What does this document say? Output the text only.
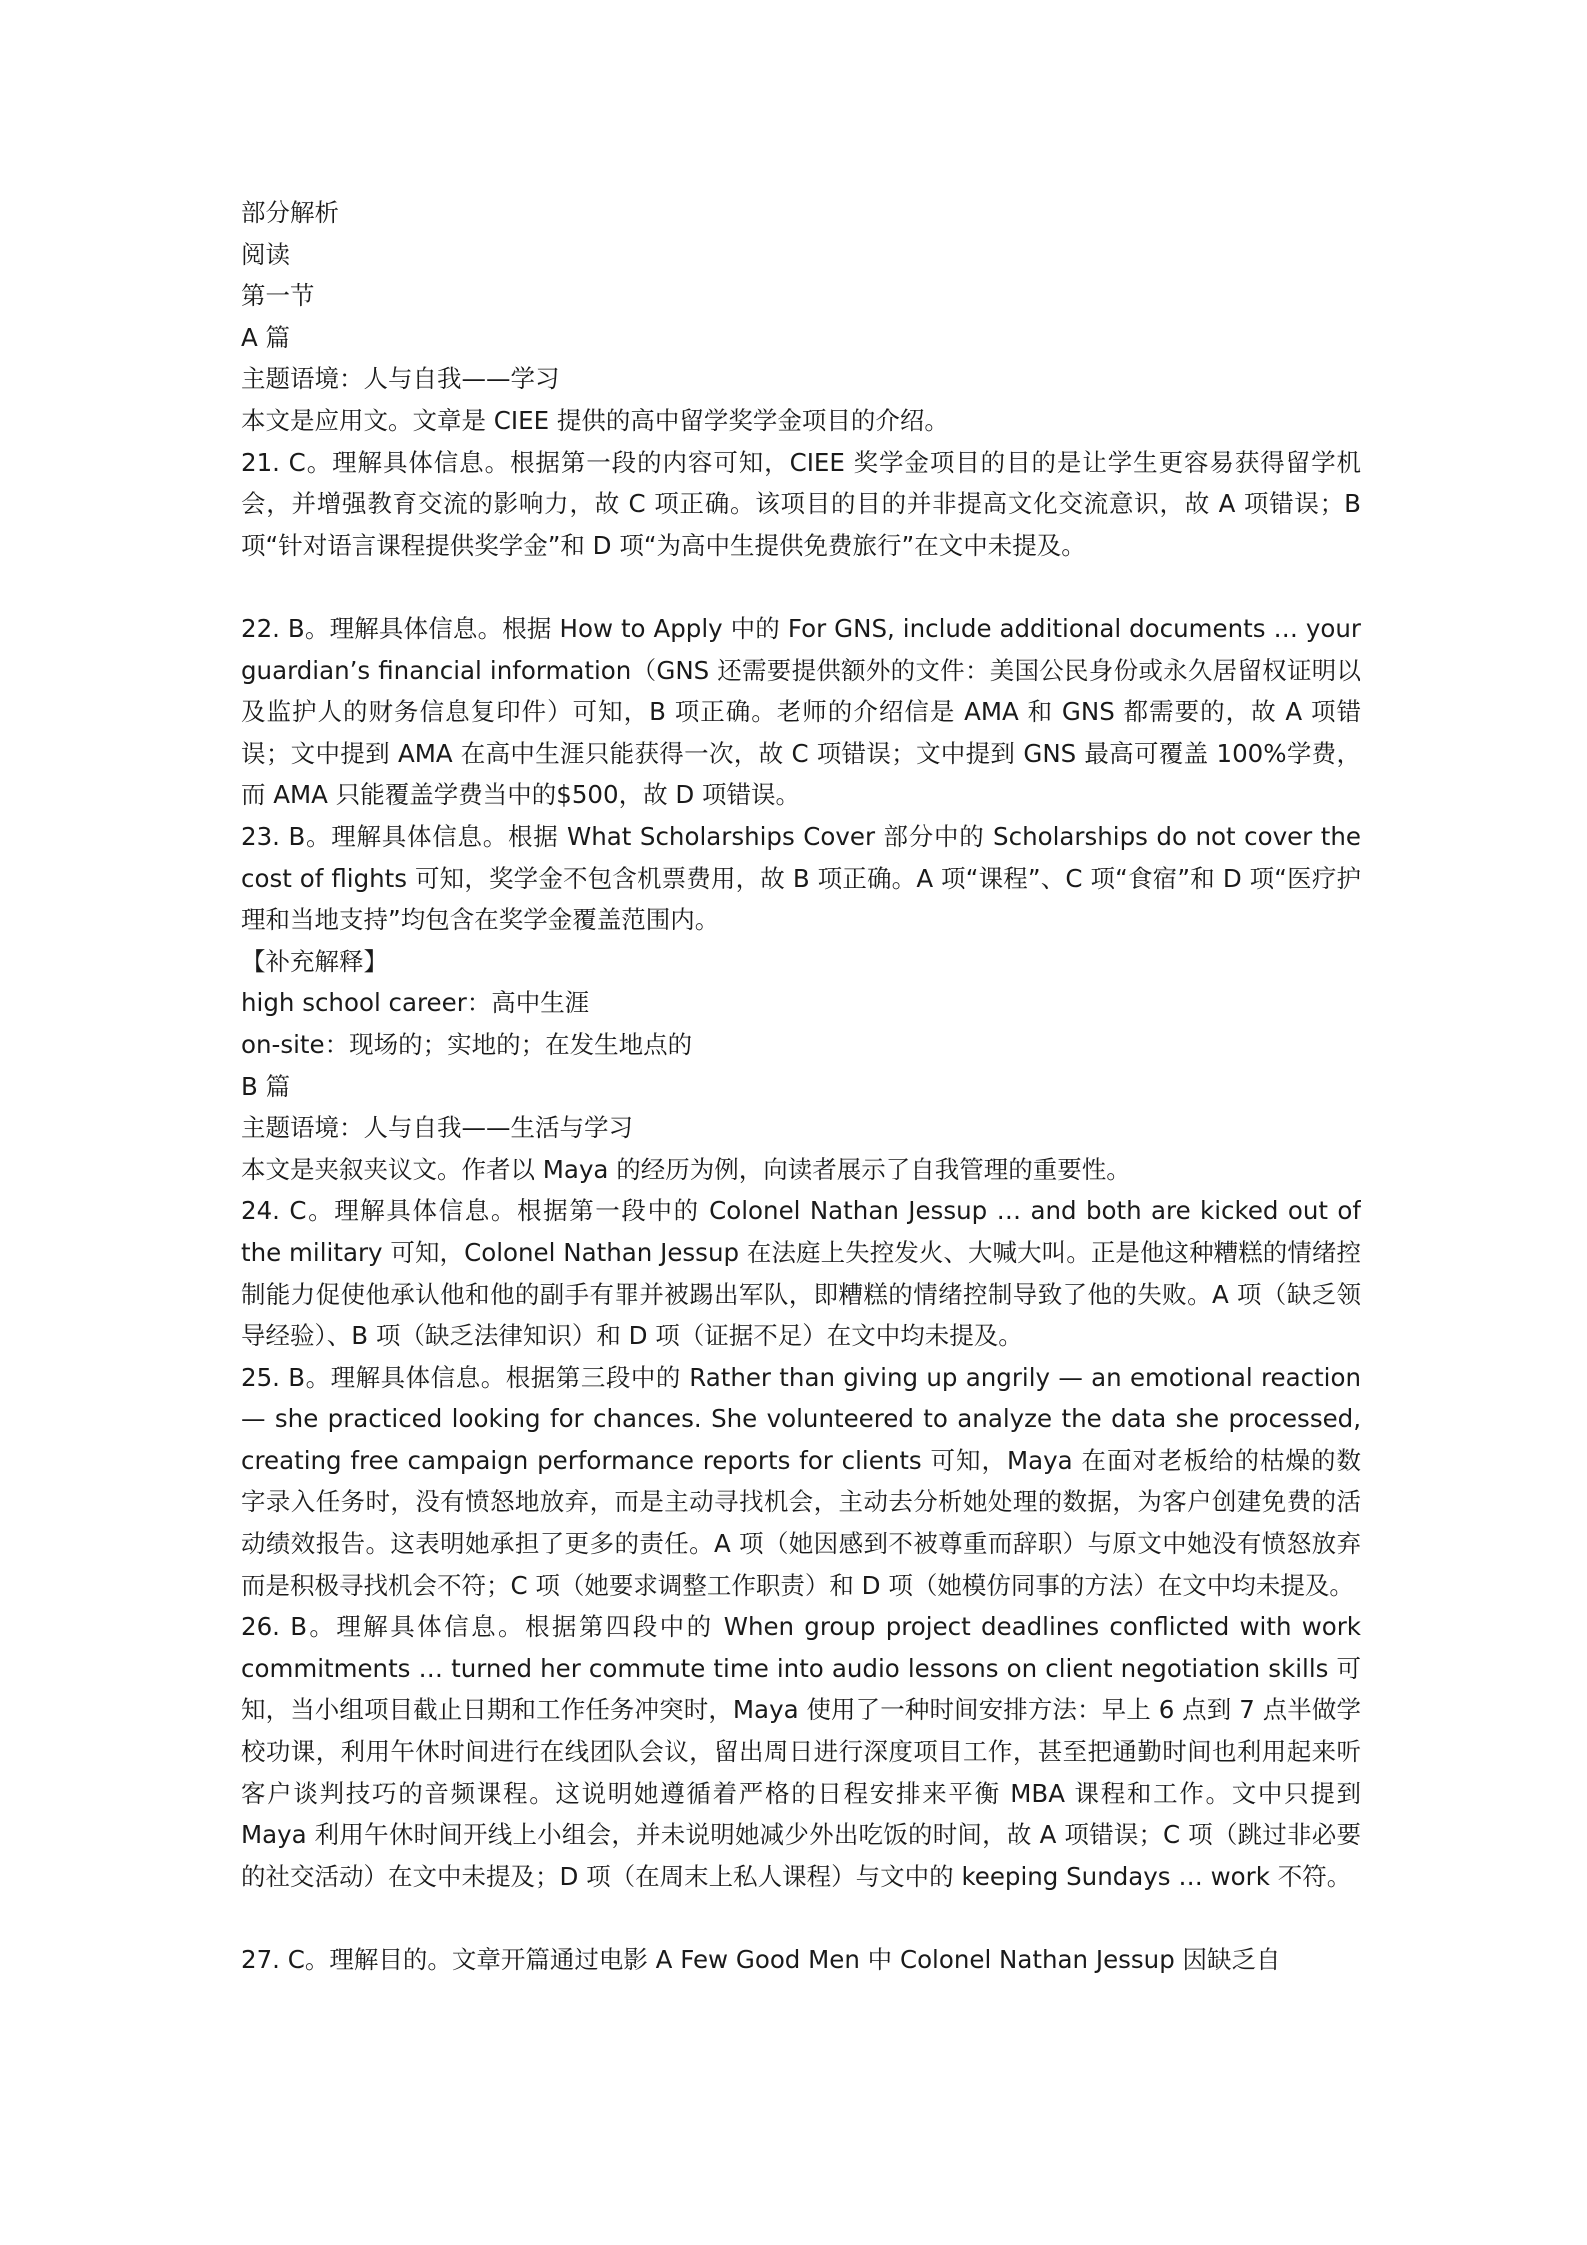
部分解析
阅读
第一节
A 篇
主题语境：人与自我——学习
本文是应用文。文章是 CIEE 提供的高中留学奖学金项目的介绍。
21. C。理解具体信息。根据第一段的内容可知，CIEE 奖学金项目的目的是让学生更容易获得留学机会，并增强教育交流的影响力，故 C 项正确。该项目的目的并非提高文化交流意识，故 A 项错误；B 项“针对语言课程提供奖学金”和 D 项“为高中生提供免费旅行”在文中未提及。
22. B。理解具体信息。根据 How to Apply 中的 For GNS, include additional documents … your guardian’s financial information（GNS 还需要提供额外的文件：美国公民身份或永久居留权证明以及监护人的财务信息复印件）可知，B 项正确。老师的介绍信是 AMA 和 GNS 都需要的，故 A 项错误；文中提到 AMA 在高中生涯只能获得一次，故 C 项错误；文中提到 GNS 最高可覆盖 100%学费，而 AMA 只能覆盖学费当中的$500，故 D 项错误。
23. B。理解具体信息。根据 What Scholarships Cover 部分中的 Scholarships do not cover the cost of flights 可知，奖学金不包含机票费用，故 B 项正确。A 项“课程”、C 项“食宿”和 D 项“医疗护理和当地支持”均包含在奖学金覆盖范围内。
【补充解释】
high school career：高中生涯
on-site：现场的；实地的；在发生地点的
B 篇
主题语境：人与自我——生活与学习
本文是夹叙夹议文。作者以 Maya 的经历为例，向读者展示了自我管理的重要性。
24. C。理解具体信息。根据第一段中的 Colonel Nathan Jessup … and both are kicked out of the military 可知，Colonel Nathan Jessup 在法庭上失控发火、大喊大叫。正是他这种糟糕的情绪控制能力促使他承认他和他的副手有罪并被踢出军队，即糟糕的情绪控制导致了他的失败。A 项（缺乏领导经验）、B 项（缺乏法律知识）和 D 项（证据不足）在文中均未提及。
25. B。理解具体信息。根据第三段中的 Rather than giving up angrily — an emotional reaction — she practiced looking for chances. She volunteered to analyze the data she processed, creating free campaign performance reports for clients 可知，Maya 在面对老板给的枯燥的数字录入任务时，没有愤怒地放弃，而是主动寻找机会，主动去分析她处理的数据，为客户创建免费的活动绩效报告。这表明她承担了更多的责任。A 项（她因感到不被尊重而辞职）与原文中她没有愤怒放弃而是积极寻找机会不符；C 项（她要求调整工作职责）和 D 项（她模仿同事的方法）在文中均未提及。
26. B。理解具体信息。根据第四段中的 When group project deadlines conflicted with work commitments … turned her commute time into audio lessons on client negotiation skills 可知，当小组项目截止日期和工作任务冲突时，Maya 使用了一种时间安排方法：早上 6 点到 7 点半做学校功课，利用午休时间进行在线团队会议，留出周日进行深度项目工作，甚至把通勤时间也利用起来听客户谈判技巧的音频课程。这说明她遵循着严格的日程安排来平衡 MBA 课程和工作。文中只提到 Maya 利用午休时间开线上小组会，并未说明她减少外出吃饭的时间，故 A 项错误；C 项（跳过非必要的社交活动）在文中未提及；D 项（在周末上私人课程）与文中的 keeping Sundays … work 不符。
27. C。理解目的。文章开篇通过电影 A Few Good Men 中 Colonel Nathan Jessup 因缺乏自
